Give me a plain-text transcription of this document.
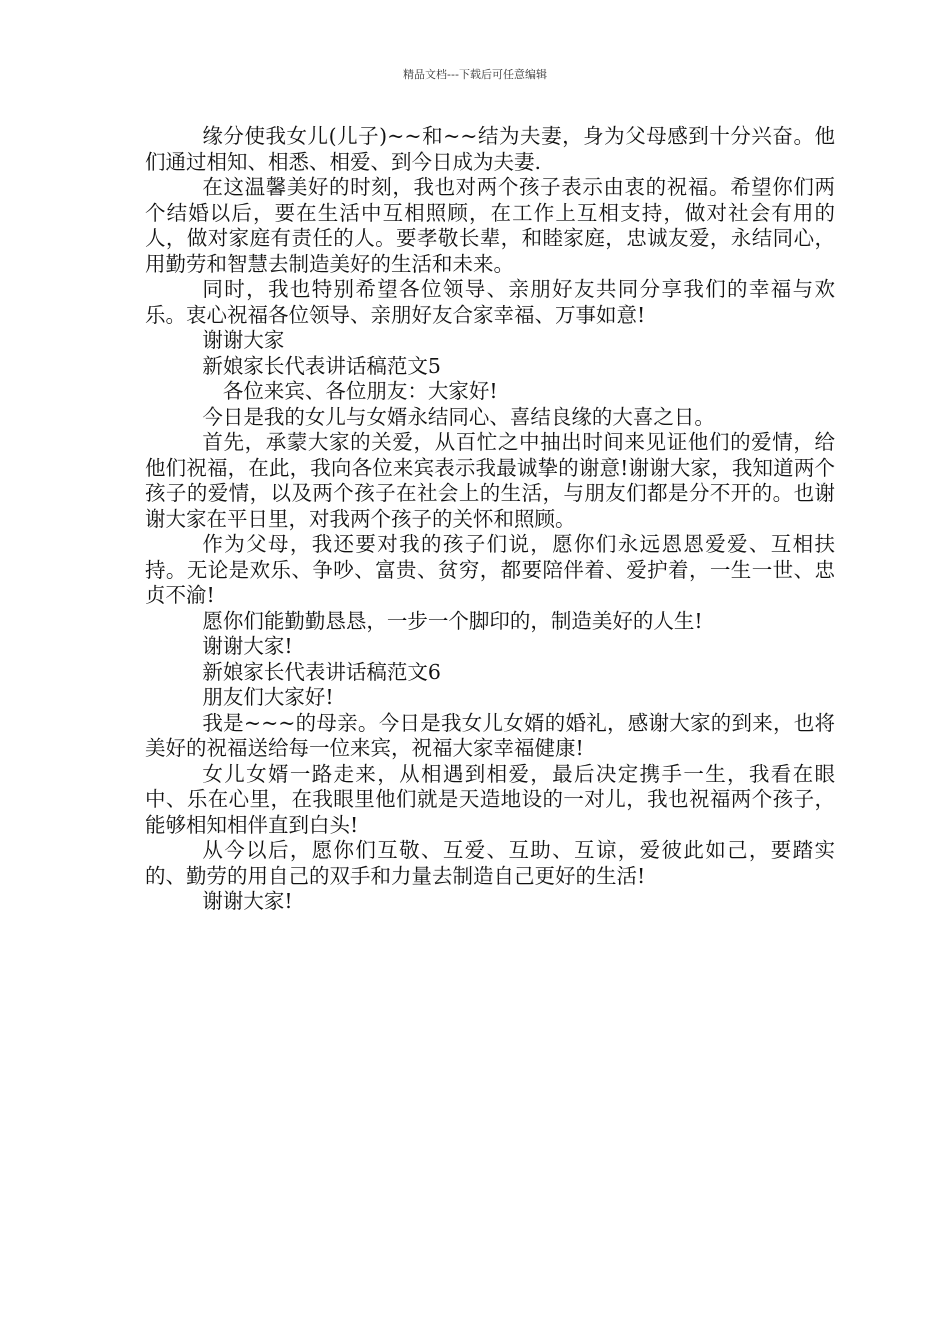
精品文档---下载后可任意编辑

缘分使我女儿(儿子)~~和~~结为夫妻，身为父母感到十分兴奋。他们通过相知、相悉、相爱、到今日成为夫妻.

在这温馨美好的时刻，我也对两个孩子表示由衷的祝福。希望你们两个结婚以后，要在生活中互相照顾，在工作上互相支持，做对社会有用的人，做对家庭有责任的人。要孝敬长辈，和睦家庭，忠诚友爱，永结同心，用勤劳和智慧去制造美好的生活和未来。

同时，我也特别希望各位领导、亲朋好友共同分享我们的幸福与欢乐。衷心祝福各位领导、亲朋好友合家幸福、万事如意!

谢谢大家

新娘家长代表讲话稿范文5

各位来宾、各位朋友：大家好!

今日是我的女儿与女婿永结同心、喜结良缘的大喜之日。

首先，承蒙大家的关爱，从百忙之中抽出时间来见证他们的爱情，给他们祝福，在此，我向各位来宾表示我最诚挚的谢意!谢谢大家，我知道两个孩子的爱情，以及两个孩子在社会上的生活，与朋友们都是分不开的。也谢谢大家在平日里，对我两个孩子的关怀和照顾。

作为父母，我还要对我的孩子们说，愿你们永远恩恩爱爱、互相扶持。无论是欢乐、争吵、富贵、贫穷，都要陪伴着、爱护着，一生一世、忠贞不渝!

愿你们能勤勤恳恳，一步一个脚印的，制造美好的人生!

谢谢大家!

新娘家长代表讲话稿范文6

朋友们大家好!

我是~~~的母亲。今日是我女儿女婿的婚礼，感谢大家的到来，也将美好的祝福送给每一位来宾，祝福大家幸福健康!

女儿女婿一路走来，从相遇到相爱，最后决定携手一生，我看在眼中、乐在心里，在我眼里他们就是天造地设的一对儿，我也祝福两个孩子，能够相知相伴直到白头!

从今以后，愿你们互敬、互爱、互助、互谅，爱彼此如己，要踏实的、勤劳的用自己的双手和力量去制造自己更好的生活!

谢谢大家!
